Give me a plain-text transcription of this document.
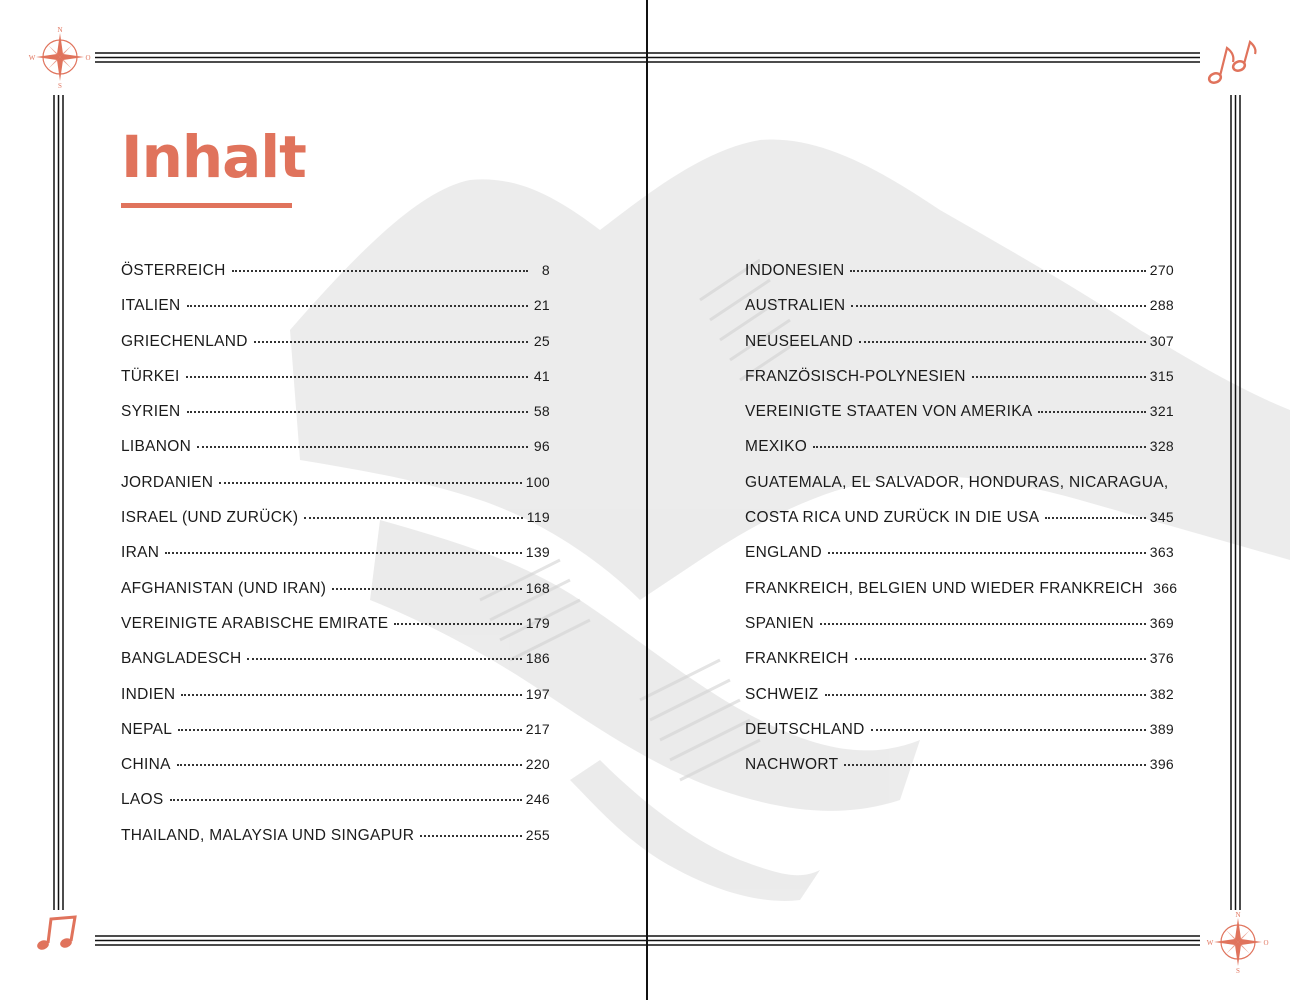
N
W	O
S
N
W	O
S
Inhalt
ÖSTERREICH	8
ITALIEN	21
GRIECHENLAND	25
TÜRKEI	41
SYRIEN	58
LIBANON	96
JORDANIEN	100
ISRAEL (UND ZURÜCK)	119
IRAN	139
AFGHANISTAN (UND IRAN)	168
VEREINIGTE ARABISCHE EMIRATE	179
BANGLADESCH	186
INDIEN	197
NEPAL	217
CHINA	220
LAOS	246
THAILAND, MALAYSIA UND SINGAPUR	255
INDONESIEN	270
AUSTRALIEN	288
NEUSEELAND	307
FRANZÖSISCH-POLYNESIEN	315
VEREINIGTE STAATEN VON AMERIKA	321
MEXIKO	328
GUATEMALA, EL SALVADOR, HONDURAS, NICARAGUA,
COSTA RICA UND ZURÜCK IN DIE USA	345
ENGLAND	363
FRANKREICH, BELGIEN UND WIEDER FRANKREICH 366
SPANIEN	369
FRANKREICH	376
SCHWEIZ	382
DEUTSCHLAND	389
NACHWORT	396
